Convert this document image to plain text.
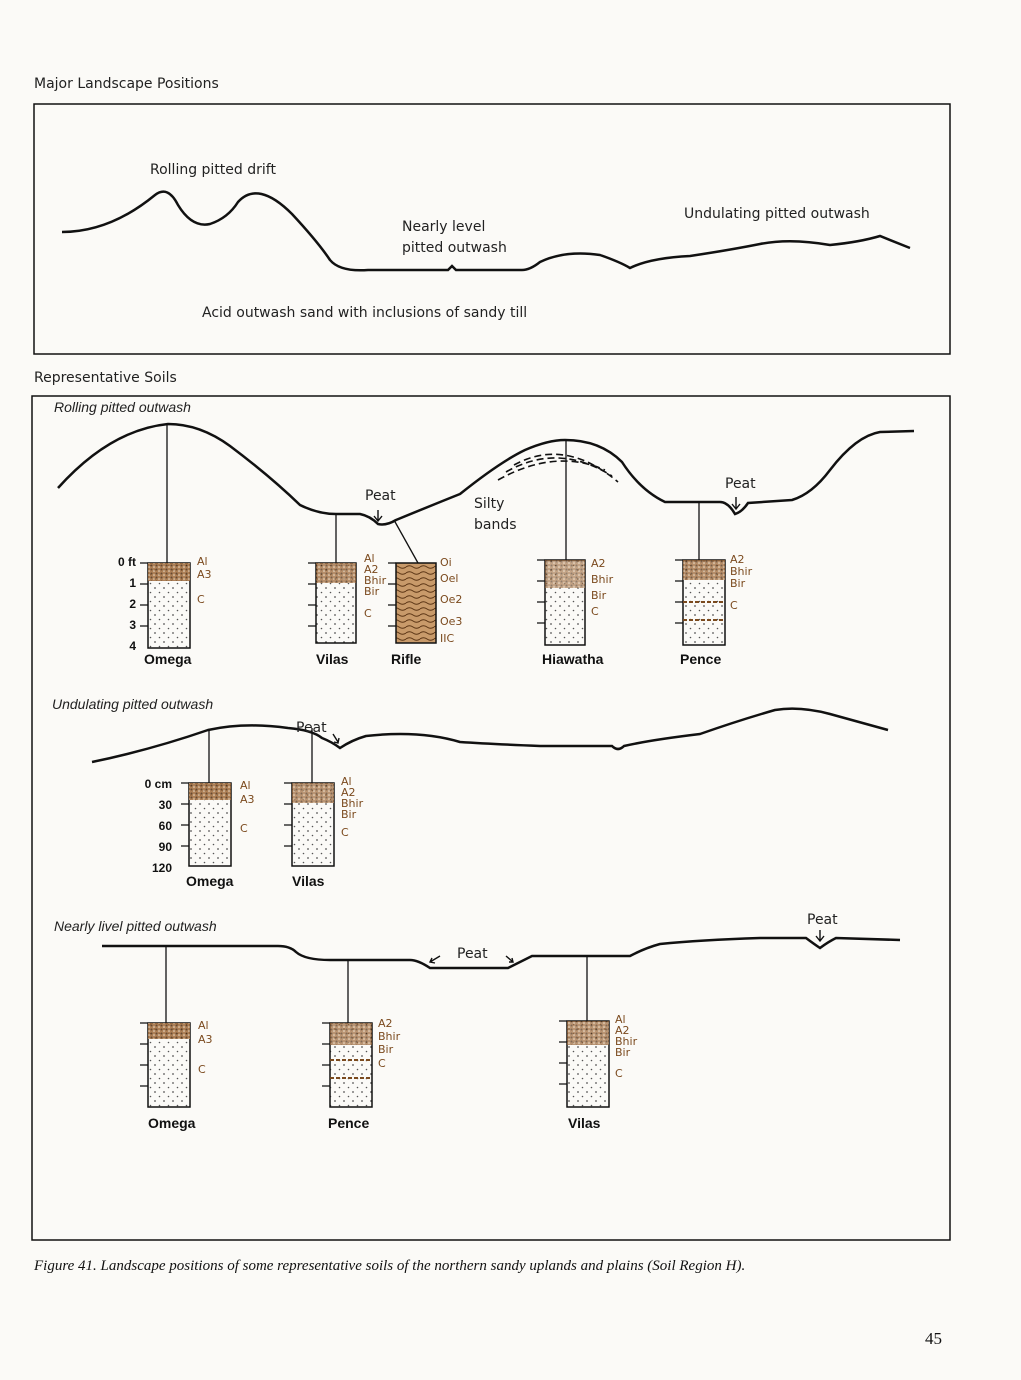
Major Landscape Positions
Representative Soils
Rolling pitted drift
Nearly level
pitted outwash
Undulating pitted outwash
Acid outwash sand with inclusions of sandy till
Rolling pitted outwash
Peat
Peat
Silty
bands
0 ft
1
2
3
4
Al
A3
C
Omega
Al
A2
Bhir
Bir
C
Vilas
Oi
Oel
Oe2
Oe3
IIC
Rifle
A2
Bhir
Bir
C
Hiawatha
A2
Bhir
Bir
C
Pence
Undulating pitted outwash
Peat
0 cm
30
60
90
120
Al
A3
C
Omega
Al
A2
Bhir
Bir
C
Vilas
Nearly livel pitted outwash
Peat
Peat
Al
A3
C
Omega
A2
Bhir
Bir
C
Pence
Al
A2
Bhir
Bir
C
Vilas
Figure 41. Landscape positions of some representative soils of the northern sandy uplands and plains (Soil Region H).
45
